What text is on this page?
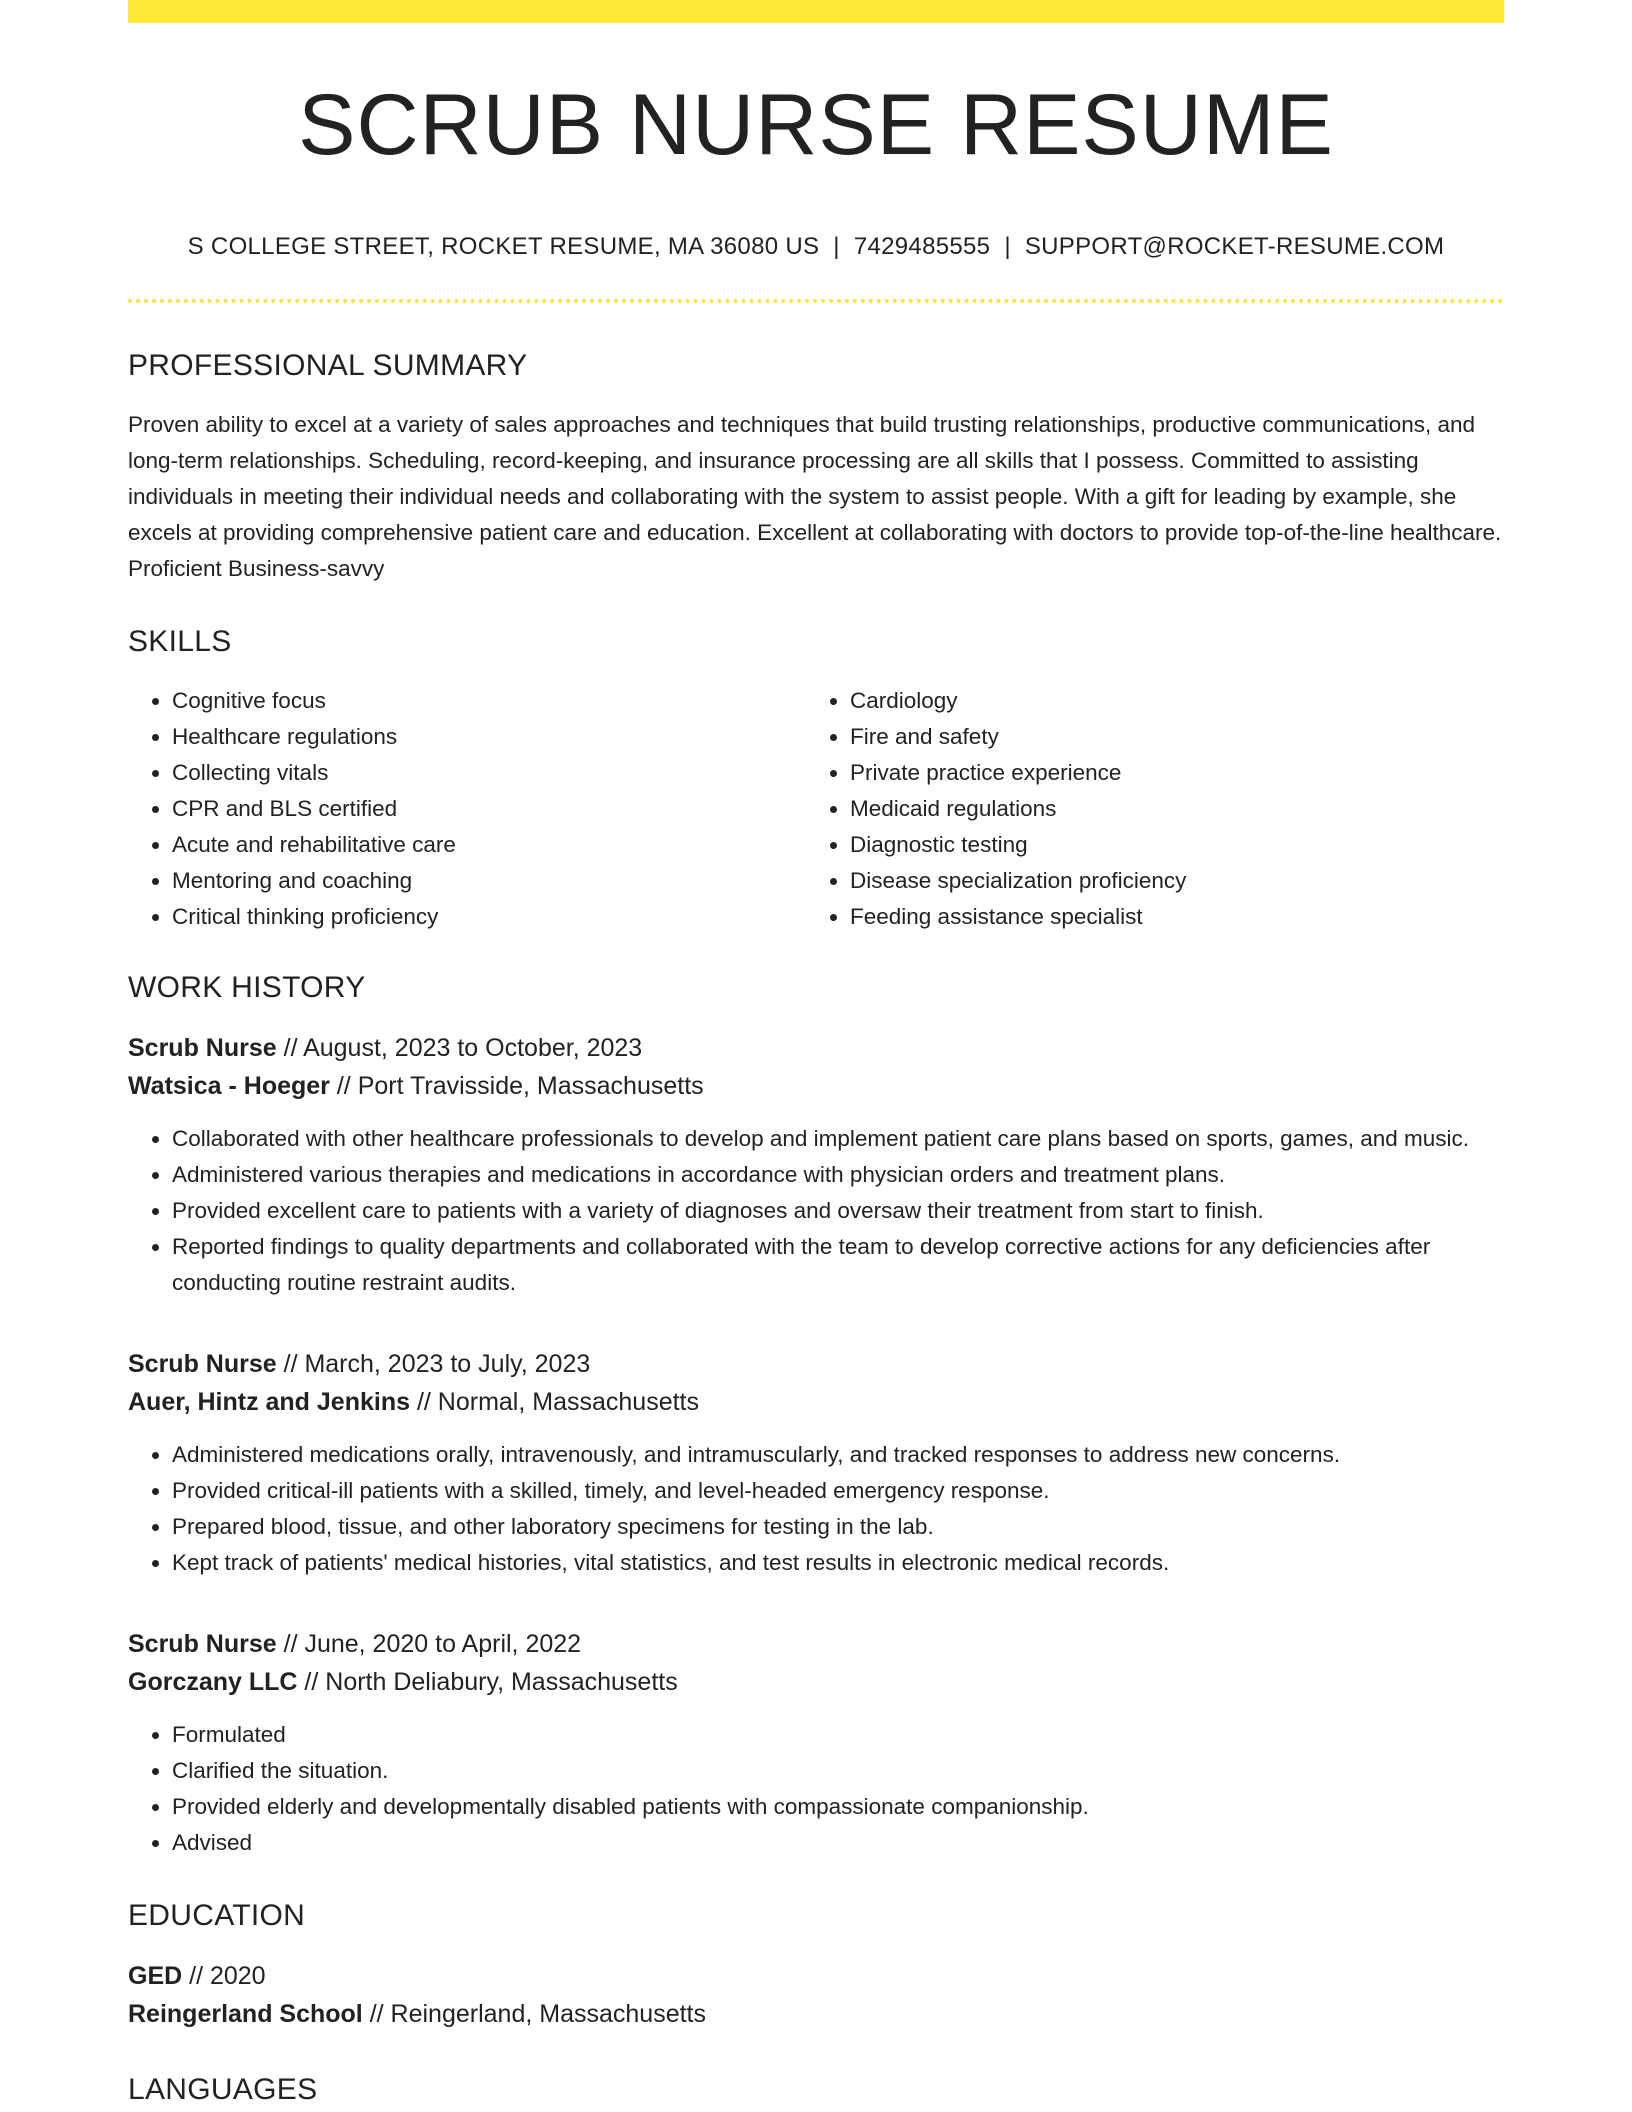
SCRUB NURSE RESUME
S COLLEGE STREET, ROCKET RESUME, MA 36080 US | 7429485555 | SUPPORT@ROCKET-RESUME.COM
PROFESSIONAL SUMMARY
Proven ability to excel at a variety of sales approaches and techniques that build trusting relationships, productive communications, and long-term relationships. Scheduling, record-keeping, and insurance processing are all skills that I possess. Committed to assisting individuals in meeting their individual needs and collaborating with the system to assist people. With a gift for leading by example, she excels at providing comprehensive patient care and education. Excellent at collaborating with doctors to provide top-of-the-line healthcare. Proficient Business-savvy
SKILLS
• Cognitive focus
• Healthcare regulations
• Collecting vitals
• CPR and BLS certified
• Acute and rehabilitative care
• Mentoring and coaching
• Critical thinking proficiency
• Cardiology
• Fire and safety
• Private practice experience
• Medicaid regulations
• Diagnostic testing
• Disease specialization proficiency
• Feeding assistance specialist
WORK HISTORY
Scrub Nurse // August, 2023 to October, 2023
Watsica - Hoeger // Port Travisside, Massachusetts
• Collaborated with other healthcare professionals to develop and implement patient care plans based on sports, games, and music.
• Administered various therapies and medications in accordance with physician orders and treatment plans.
• Provided excellent care to patients with a variety of diagnoses and oversaw their treatment from start to finish.
• Reported findings to quality departments and collaborated with the team to develop corrective actions for any deficiencies after conducting routine restraint audits.
Scrub Nurse // March, 2023 to July, 2023
Auer, Hintz and Jenkins // Normal, Massachusetts
• Administered medications orally, intravenously, and intramuscularly, and tracked responses to address new concerns.
• Provided critical-ill patients with a skilled, timely, and level-headed emergency response.
• Prepared blood, tissue, and other laboratory specimens for testing in the lab.
• Kept track of patients' medical histories, vital statistics, and test results in electronic medical records.
Scrub Nurse // June, 2020 to April, 2022
Gorczany LLC // North Deliabury, Massachusetts
• Formulated
• Clarified the situation.
• Provided elderly and developmentally disabled patients with compassionate companionship.
• Advised
EDUCATION
GED // 2020
Reingerland School // Reingerland, Massachusetts
LANGUAGES
